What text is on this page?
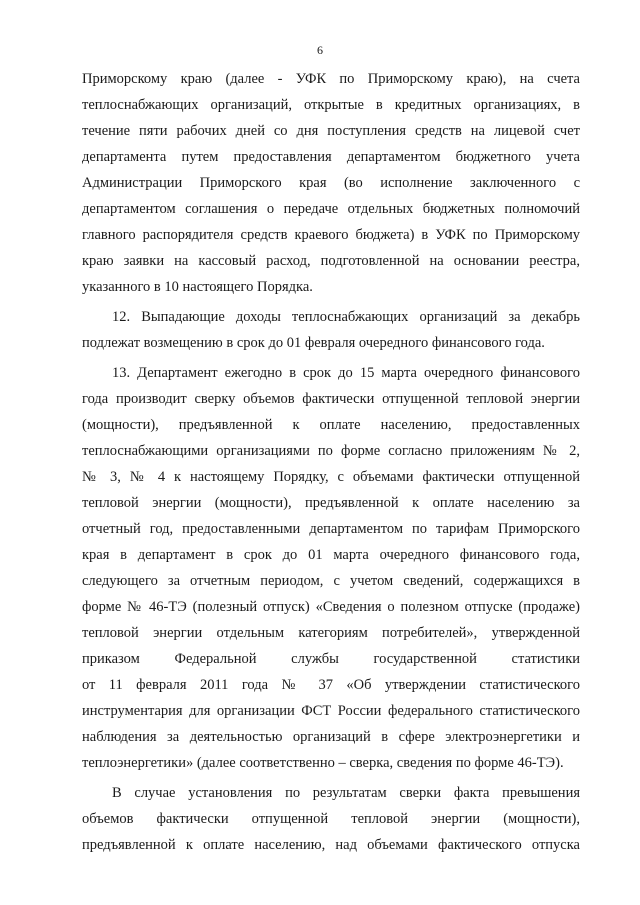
6
Приморскому краю (далее - УФК по Приморскому краю), на счета
теплоснабжающих организаций, открытые в кредитных организациях, в
течение пяти рабочих дней со дня поступления средств на лицевой счет
департамента путем предоставления департаментом бюджетного учета
Администрации Приморского края (во исполнение заключенного с
департаментом соглашения о передаче отдельных бюджетных полномочий
главного распорядителя средств краевого бюджета) в УФК по Приморскому
краю заявки на кассовый расход, подготовленной на основании реестра,
указанного в 10 настоящего Порядка.
12. Выпадающие доходы теплоснабжающих организаций за декабрь
подлежат возмещению в срок до 01 февраля очередного финансового года.
13. Департамент ежегодно в срок до 15 марта очередного финансового
года производит сверку объемов фактически отпущенной тепловой энергии
(мощности), предъявленной к оплате населению, предоставленных
теплоснабжающими организациями по форме согласно приложениям № 2,
№ 3, № 4 к настоящему Порядку, с объемами фактически отпущенной
тепловой энергии (мощности), предъявленной к оплате населению за
отчетный год, предоставленными департаментом по тарифам Приморского
края в департамент в срок до 01 марта очередного финансового года,
следующего за отчетным периодом, с учетом сведений, содержащихся в
форме № 46-ТЭ (полезный отпуск) «Сведения о полезном отпуске (продаже)
тепловой энергии отдельным категориям потребителей», утвержденной
приказом Федеральной службы государственной статистики
от 11 февраля 2011 года № 37 «Об утверждении статистического
инструментария для организации ФСТ России федерального статистического
наблюдения за деятельностью организаций в сфере электроэнергетики и
теплоэнергетики» (далее соответственно – сверка, сведения по форме 46-ТЭ).
В случае установления по результатам сверки факта превышения
объемов фактически отпущенной тепловой энергии (мощности),
предъявленной к оплате населению, над объемами фактического отпуска
